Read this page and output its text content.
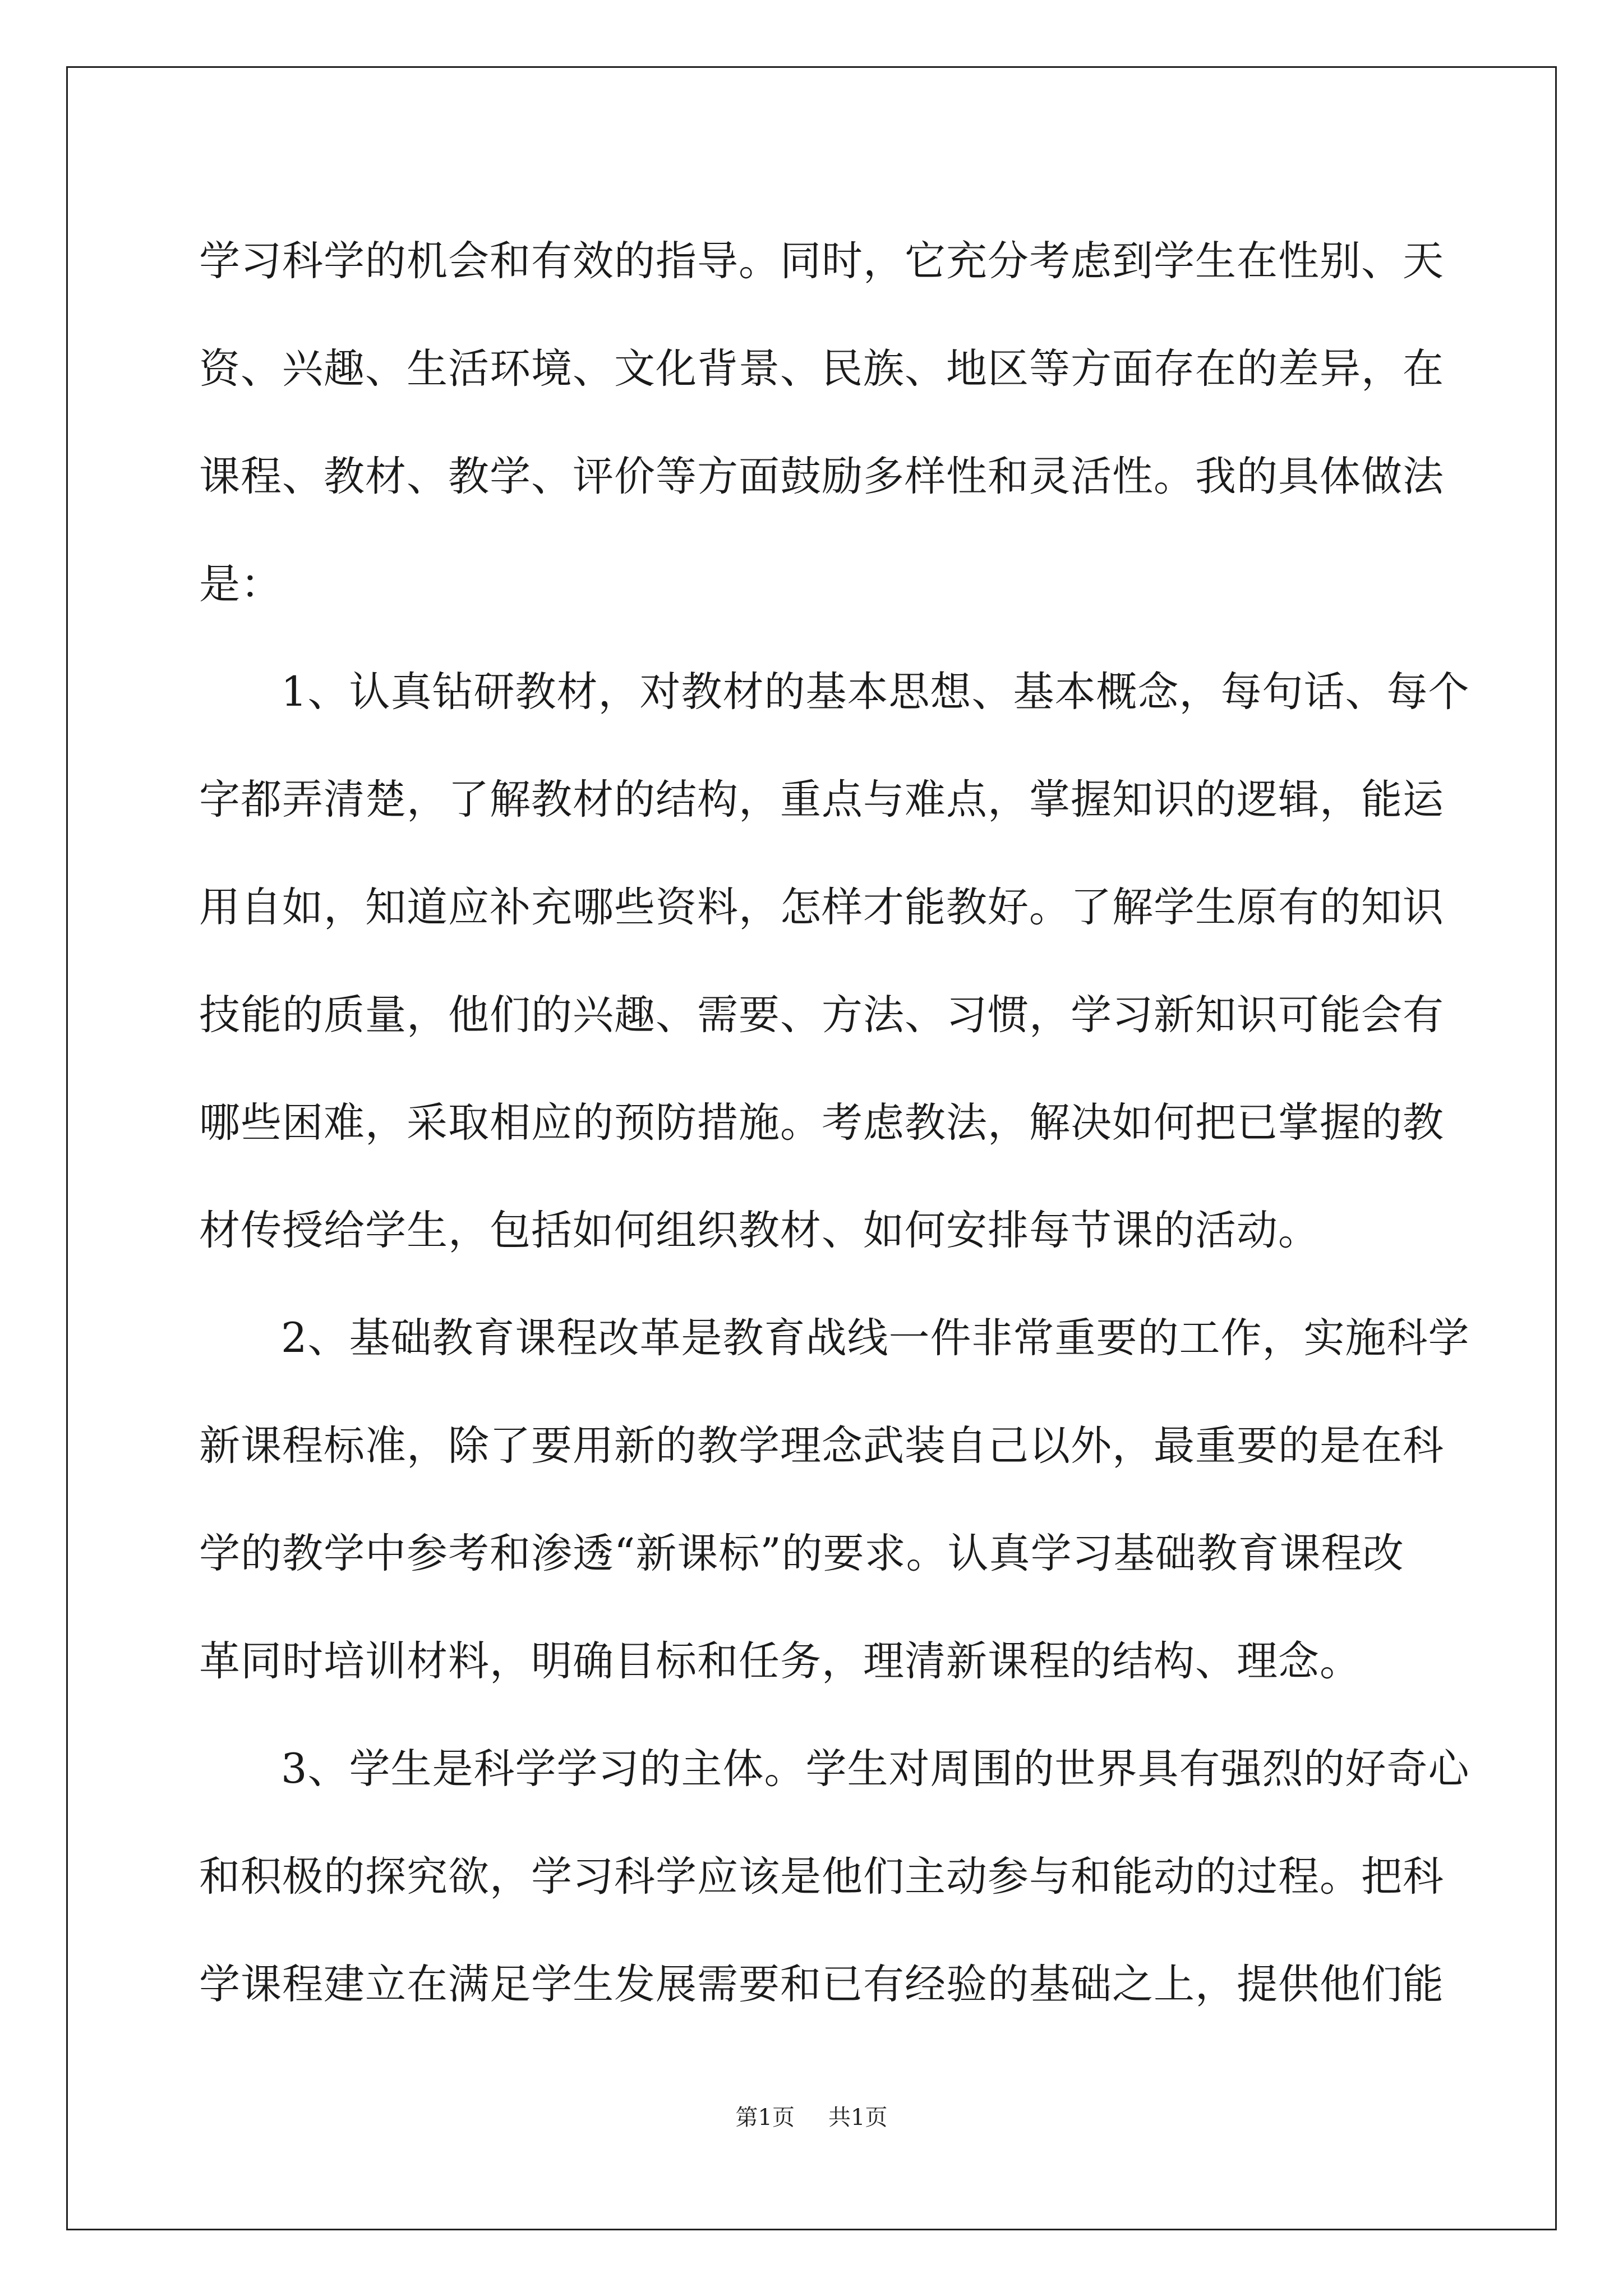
学习科学的机会和有效的指导。同时，它充分考虑到学生在性别、天
资、兴趣、生活环境、文化背景、民族、地区等方面存在的差异，在
课程、教材、教学、评价等方面鼓励多样性和灵活性。我的具体做法
是：
1、认真钻研教材，对教材的基本思想、基本概念，每句话、每个
字都弄清楚，了解教材的结构，重点与难点，掌握知识的逻辑，能运
用自如，知道应补充哪些资料，怎样才能教好。了解学生原有的知识
技能的质量，他们的兴趣、需要、方法、习惯，学习新知识可能会有
哪些困难，采取相应的预防措施。考虑教法，解决如何把已掌握的教
材传授给学生，包括如何组织教材、如何安排每节课的活动。
2、基础教育课程改革是教育战线一件非常重要的工作，实施科学
新课程标准，除了要用新的教学理念武装自己以外，最重要的是在科
学的教学中参考和渗透“新课标”的要求。认真学习基础教育课程改
革同时培训材料，明确目标和任务，理清新课程的结构、理念。
3、学生是科学学习的主体。学生对周围的世界具有强烈的好奇心
和积极的探究欲，学习科学应该是他们主动参与和能动的过程。把科
学课程建立在满足学生发展需要和已有经验的基础之上，提供他们能
第1页 共1页
